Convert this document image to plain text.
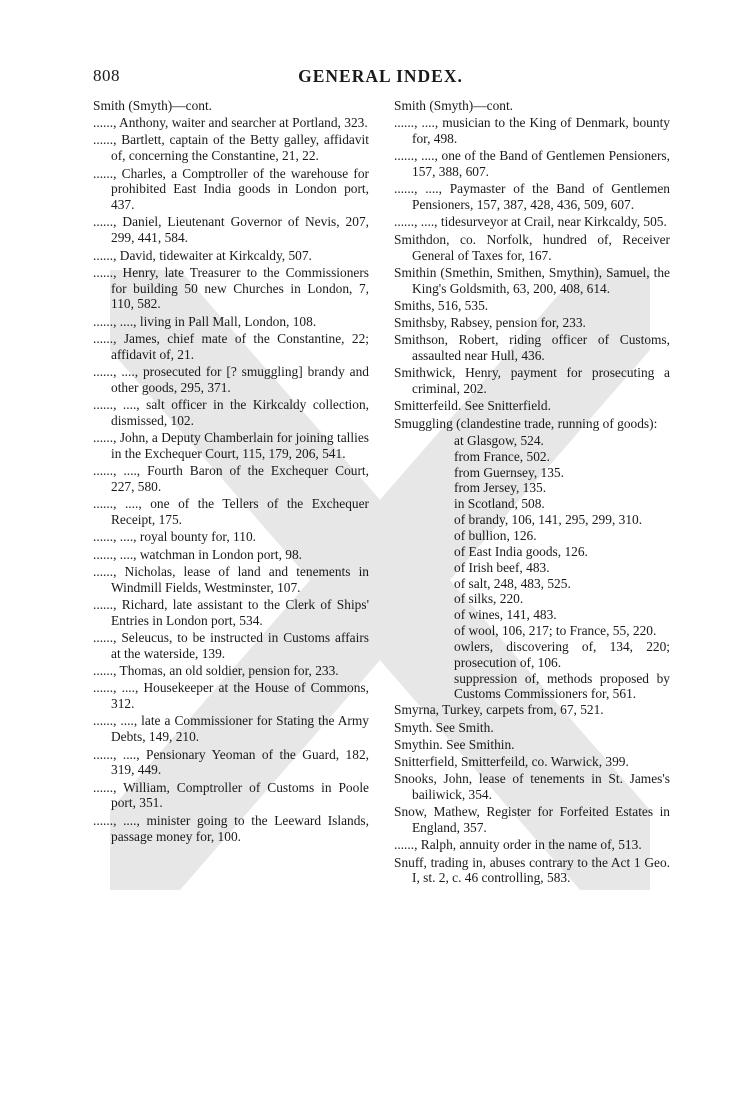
808	GENERAL INDEX.
Smith (Smyth)—cont.
......, Anthony, waiter and searcher at Portland, 323.
......, Bartlett, captain of the Betty galley, affidavit of, concerning the Constantine, 21, 22.
......, Charles, a Comptroller of the warehouse for prohibited East India goods in London port, 437.
......, Daniel, Lieutenant Governor of Nevis, 207, 299, 441, 584.
......, David, tidewaiter at Kirkcaldy, 507.
......, Henry, late Treasurer to the Commissioners for building 50 new Churches in London, 7, 110, 582.
......, ...., living in Pall Mall, London, 108.
......, James, chief mate of the Constantine, 22; affidavit of, 21.
......, ...., prosecuted for [? smuggling] brandy and other goods, 295, 371.
......, ...., salt officer in the Kirkcaldy collection, dismissed, 102.
......, John, a Deputy Chamberlain for joining tallies in the Exchequer Court, 115, 179, 206, 541.
......, ...., Fourth Baron of the Exchequer Court, 227, 580.
......, ...., one of the Tellers of the Exchequer Receipt, 175.
......, ...., royal bounty for, 110.
......, ...., watchman in London port, 98.
......, Nicholas, lease of land and tenements in Windmill Fields, Westminster, 107.
......, Richard, late assistant to the Clerk of Ships' Entries in London port, 534.
......, Seleucus, to be instructed in Customs affairs at the waterside, 139.
......, Thomas, an old soldier, pension for, 233.
......, ...., Housekeeper at the House of Commons, 312.
......, ...., late a Commissioner for Stating the Army Debts, 149, 210.
......, ...., Pensionary Yeoman of the Guard, 182, 319, 449.
......, William, Comptroller of Customs in Poole port, 351.
......, ...., minister going to the Leeward Islands, passage money for, 100.
Smith (Smyth)—cont.
......, ...., musician to the King of Denmark, bounty for, 498.
......, ...., one of the Band of Gentlemen Pensioners, 157, 388, 607.
......, ...., Paymaster of the Band of Gentlemen Pensioners, 157, 387, 428, 436, 509, 607.
......, ...., tidesurveyor at Crail, near Kirkcaldy, 505.
Smithdon, co. Norfolk, hundred of, Receiver General of Taxes for, 167.
Smithin (Smethin, Smithen, Smythin), Samuel, the King's Goldsmith, 63, 200, 408, 614.
Smiths, 516, 535.
Smithsby, Rabsey, pension for, 233.
Smithson, Robert, riding officer of Customs, assaulted near Hull, 436.
Smithwick, Henry, payment for prosecuting a criminal, 202.
Smitterfeild. See Snitterfield.
Smuggling (clandestine trade, running of goods):
at Glasgow, 524.
from France, 502.
from Guernsey, 135.
from Jersey, 135.
in Scotland, 508.
of brandy, 106, 141, 295, 299, 310.
of bullion, 126.
of East India goods, 126.
of Irish beef, 483.
of salt, 248, 483, 525.
of silks, 220.
of wines, 141, 483.
of wool, 106, 217; to France, 55, 220.
owlers, discovering of, 134, 220; prosecution of, 106.
suppression of, methods proposed by Customs Commissioners for, 561.
Smyrna, Turkey, carpets from, 67, 521.
Smyth. See Smith.
Smythin. See Smithin.
Snitterfield, Smitterfeild, co. Warwick, 399.
Snooks, John, lease of tenements in St. James's bailiwick, 354.
Snow, Mathew, Register for Forfeited Estates in England, 357.
......, Ralph, annuity order in the name of, 513.
Snuff, trading in, abuses contrary to the Act 1 Geo. I, st. 2, c. 46 controlling, 583.
